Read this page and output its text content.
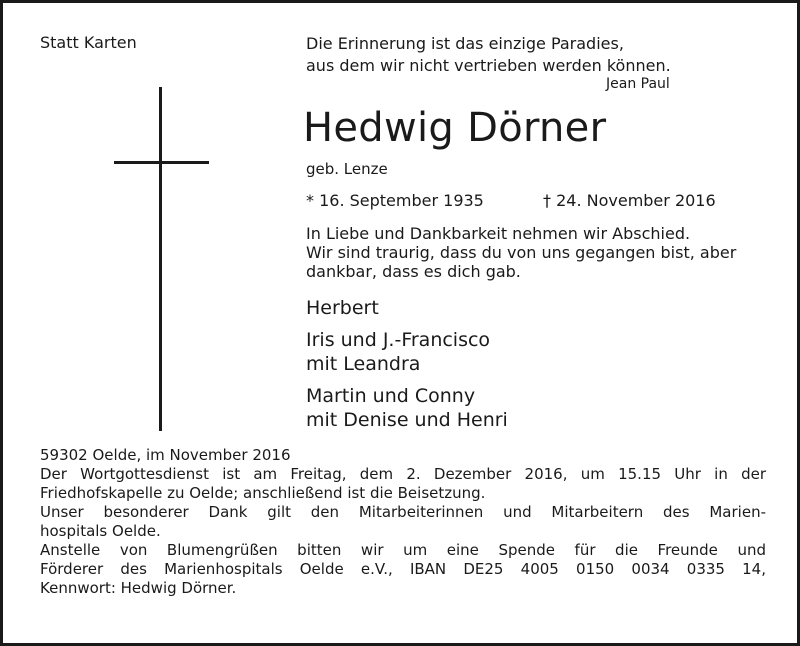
Statt Karten	Die Erinnerung ist das einzige Paradies,
aus dem wir nicht vertrieben werden können.
Jean Paul
Hedwig Dörner
geb. Lenze
* 16. September 1935	† 24. November 2016
In Liebe und Dankbarkeit nehmen wir Abschied.
Wir sind traurig, dass du von uns gegangen bist, aber
dankbar, dass es dich gab.
Herbert
Iris und J.-Francisco
mit Leandra
Martin und Conny
mit Denise und Henri
59302 Oelde, im November 2016
Der Wortgottesdienst ist am Freitag, dem 2. Dezember 2016, um 15.15 Uhr in der
Friedhofskapelle zu Oelde; anschließend ist die Beisetzung.
Unser besonderer Dank gilt den Mitarbeiterinnen und Mitarbeitern des Marien-
hospitals Oelde.
Anstelle von Blumengrüßen bitten wir um eine Spende für die Freunde und
Förderer des Marienhospitals Oelde e.V., IBAN DE25 4005 0150 0034 0335 14,
Kennwort: Hedwig Dörner.
